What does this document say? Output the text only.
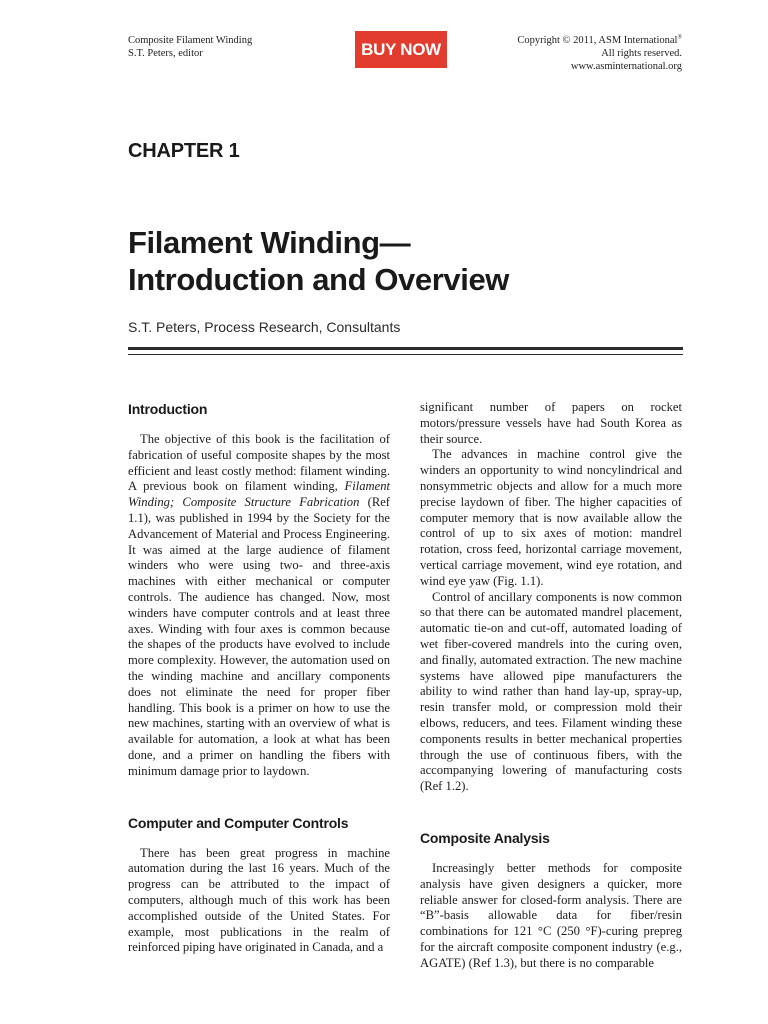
Composite Filament Winding
S.T. Peters, editor	BUY NOW	Copyright © 2011, ASM International®
All rights reserved.
www.asminternational.org
CHAPTER 1
Filament Winding—
Introduction and Overview
S.T. Peters, Process Research, Consultants
Introduction

The objective of this book is the facilitation of fabrication of useful composite shapes by the most efficient and least costly method: filament winding. A previous book on filament winding, Filament Winding; Composite Structure Fabrication (Ref 1.1), was published in 1994 by the Society for the Advancement of Material and Process Engineering. It was aimed at the large audience of filament winders who were using two- and three-axis machines with either mechanical or computer controls. The audience has changed. Now, most winders have computer controls and at least three axes. Winding with four axes is common because the shapes of the products have evolved to include more complexity. However, the automation used on the winding machine and ancillary components does not eliminate the need for proper fiber handling. This book is a primer on how to use the new machines, starting with an overview of what is available for automation, a look at what has been done, and a primer on handling the fibers with minimum damage prior to laydown.

Computer and Computer Controls

There has been great progress in machine automation during the last 16 years. Much of the progress can be attributed to the impact of computers, although much of this work has been accomplished outside of the United States. For example, most publications in the realm of reinforced piping have originated in Canada, and a

significant number of papers on rocket motors/pressure vessels have had South Korea as their source.

The advances in machine control give the winders an opportunity to wind noncylindrical and nonsymmetric objects and allow for a much more precise laydown of fiber. The higher capacities of computer memory that is now available allow the control of up to six axes of motion: mandrel rotation, cross feed, horizontal carriage movement, vertical carriage movement, wind eye rotation, and wind eye yaw (Fig. 1.1).

Control of ancillary components is now common so that there can be automated mandrel placement, automatic tie-on and cut-off, automated loading of wet fiber-covered mandrels into the curing oven, and finally, automated extraction. The new machine systems have allowed pipe manufacturers the ability to wind rather than hand lay-up, spray-up, resin transfer mold, or compression mold their elbows, reducers, and tees. Filament winding these components results in better mechanical properties through the use of continuous fibers, with the accompanying lowering of manufacturing costs (Ref 1.2).

Composite Analysis

Increasingly better methods for composite analysis have given designers a quicker, more reliable answer for closed-form analysis. There are “B”-basis allowable data for fiber/resin combinations for 121 °C (250 °F)-curing prepreg for the aircraft composite component industry (e.g., AGATE) (Ref 1.3), but there is no comparable
